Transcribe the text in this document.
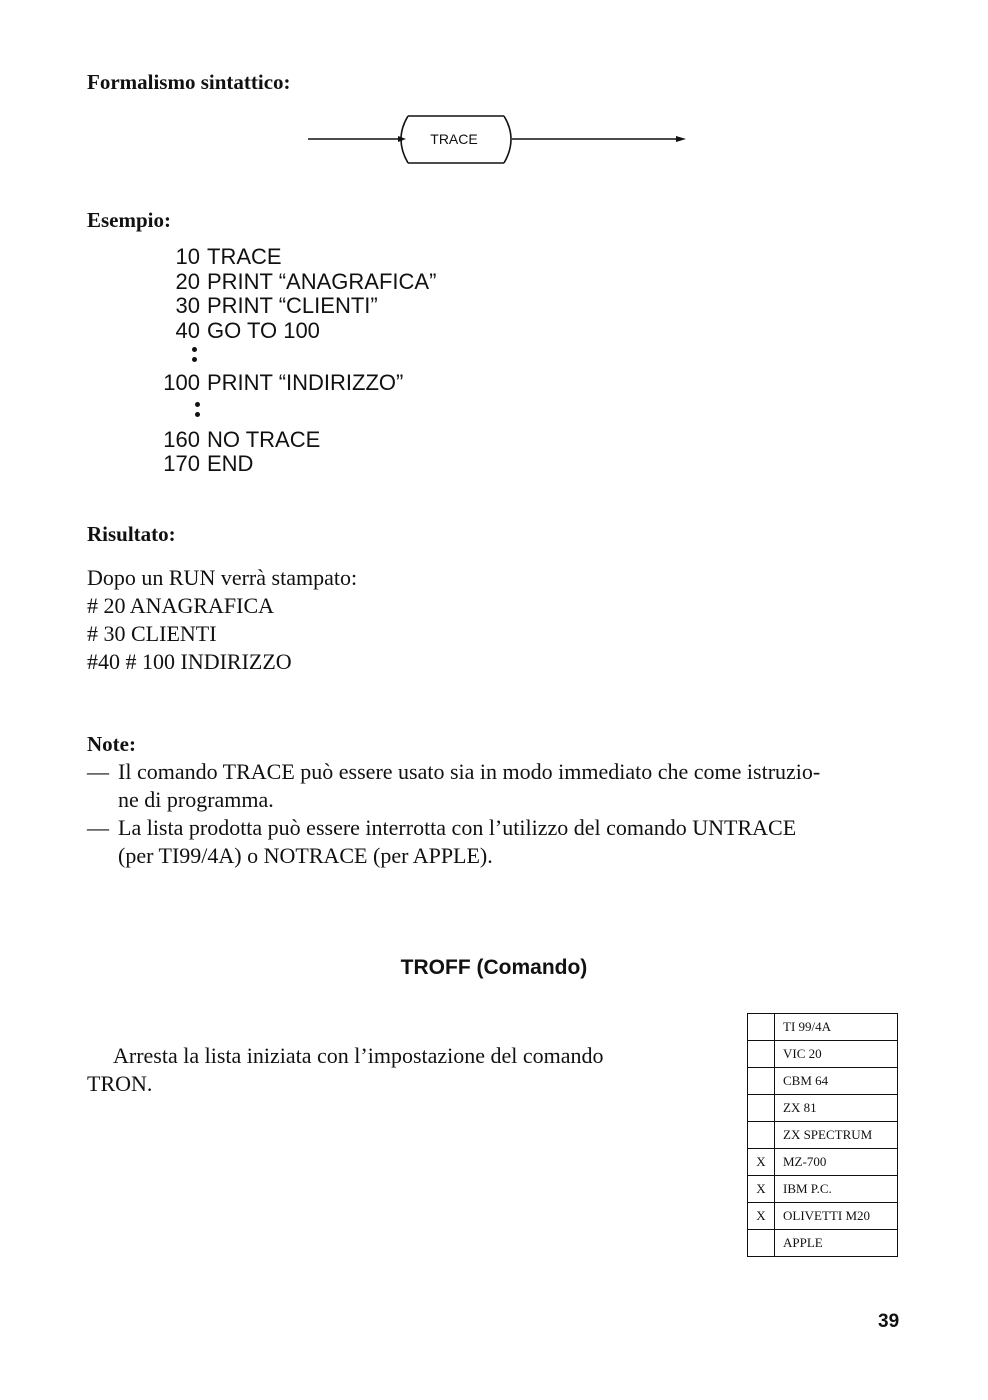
Formalismo sintattico:
TRACE
Esempio:
10 TRACE
20 PRINT “ANAGRAFICA”
30 PRINT “CLIENTI”
40 GO TO 100
100 PRINT “INDIRIZZO”
160 NO TRACE
170 END
Risultato:
Dopo un RUN verrà stampato:
# 20 ANAGRAFICA
# 30 CLIENTI
#40 # 100 INDIRIZZO
Note:
— Il comando TRACE può essere usato sia in modo immediato che come istruzio-
ne di programma.
— La lista prodotta può essere interrotta con l’utilizzo del comando UNTRACE
(per TI99/4A) o NOTRACE (per APPLE).
TROFF (Comando)
Arresta la lista iniziata con l’impostazione del comando
TRON.
	TI 99/4A
	VIC 20
	CBM 64
	ZX 81
	ZX SPECTRUM
X	MZ-700
X	IBM P.C.
X	OLIVETTI M20
	APPLE
39
